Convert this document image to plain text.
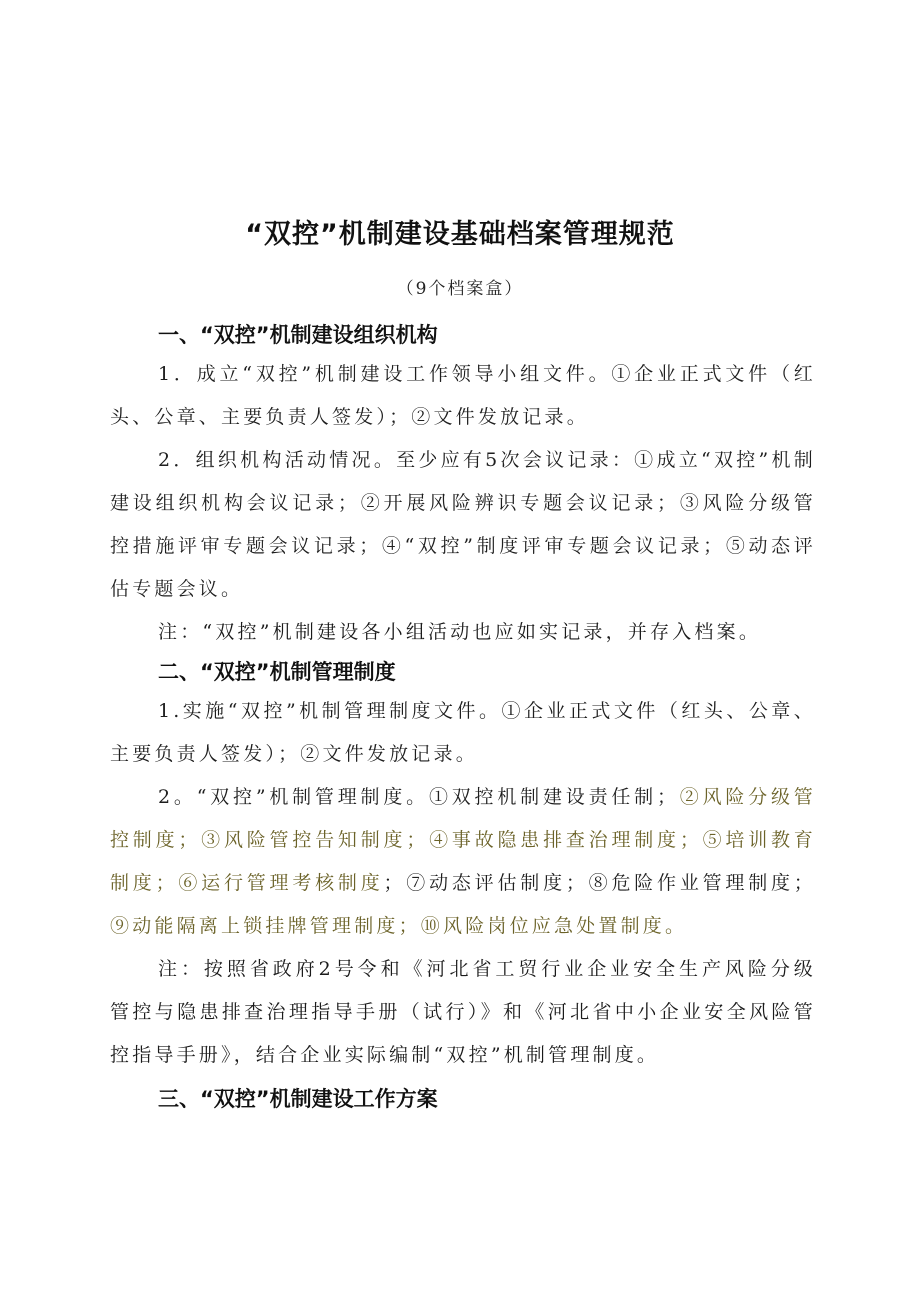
“双控”机制建设基础档案管理规范
（9个档案盒）
一、“双控”机制建设组织机构

1．成立“双控”机制建设工作领导小组文件。①企业正式文件（红头、公章、主要负责人签发）；②文件发放记录。

2．组织机构活动情况。至少应有5次会议记录：①成立“双控”机制建设组织机构会议记录；②开展风险辨识专题会议记录；③风险分级管控措施评审专题会议记录；④“双控”制度评审专题会议记录；⑤动态评估专题会议。

注：“双控”机制建设各小组活动也应如实记录，并存入档案。

二、“双控”机制管理制度

1.实施“双控”机制管理制度文件。①企业正式文件（红头、公章、主要负责人签发）；②文件发放记录。

2。“双控”机制管理制度。①双控机制建设责任制；②风险分级管控制度；③风险管控告知制度；④事故隐患排查治理制度；⑤培训教育制度；⑥运行管理考核制度；⑦动态评估制度；⑧危险作业管理制度；⑨动能隔离上锁挂牌管理制度；⑩风险岗位应急处置制度。

注：按照省政府2号令和《河北省工贸行业企业安全生产风险分级管控与隐患排查治理指导手册（试行）》和《河北省中小企业安全风险管控指导手册》，结合企业实际编制“双控”机制管理制度。

三、“双控”机制建设工作方案
